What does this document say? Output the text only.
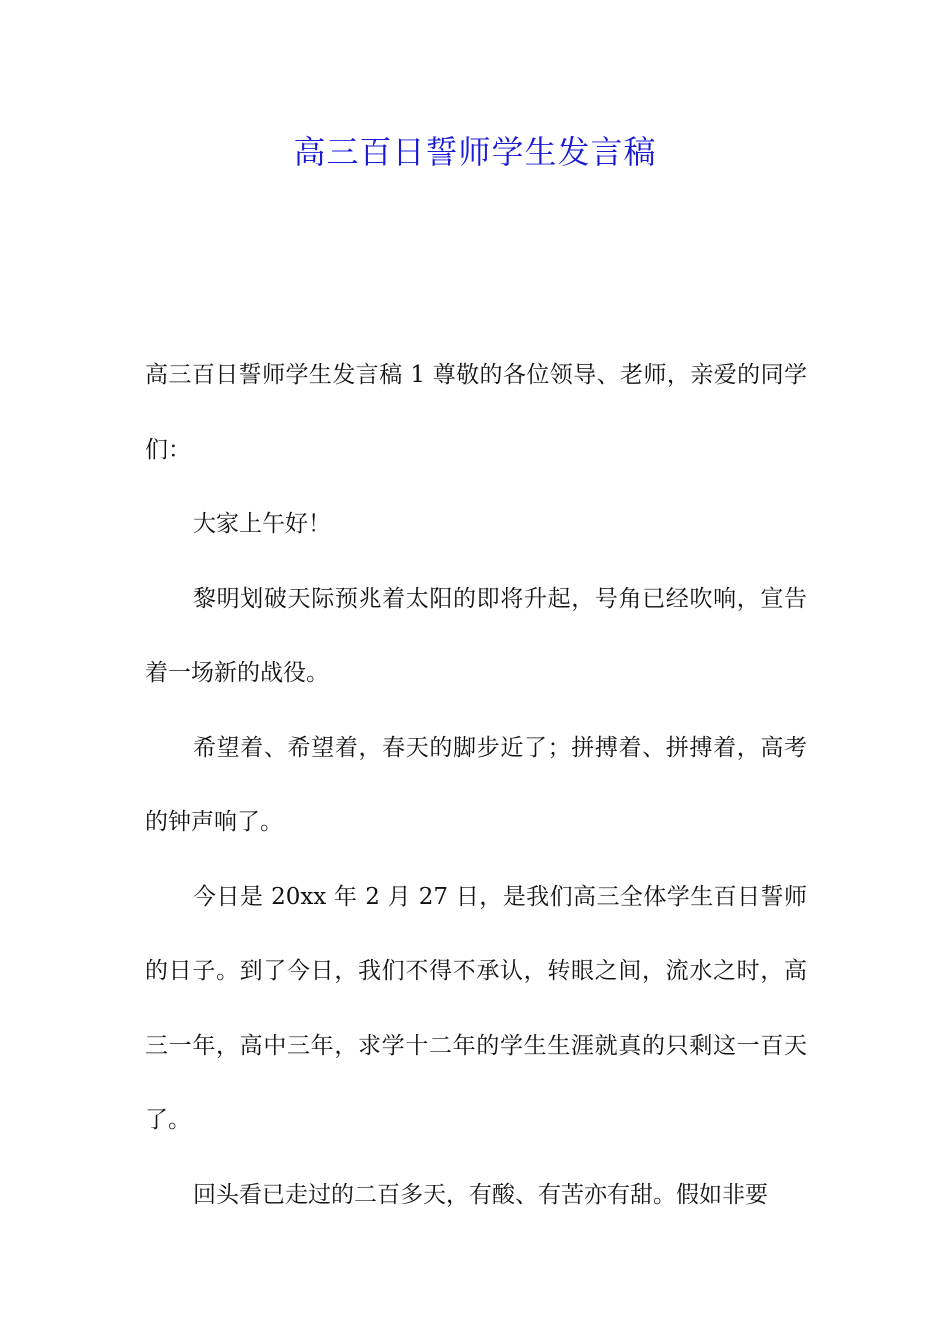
高三百日誓师学生发言稿

高三百日誓师学生发言稿 1 尊敬的各位领导、老师，亲爱的同学们：

大家上午好！

黎明划破天际预兆着太阳的即将升起，号角已经吹响，宣告着一场新的战役。

希望着、希望着，春天的脚步近了；拼搏着、拼搏着，高考的钟声响了。

今日是 20xx 年 2 月 27 日，是我们高三全体学生百日誓师的日子。到了今日，我们不得不承认，转眼之间，流水之时，高三一年，高中三年，求学十二年的学生生涯就真的只剩这一百天了。

回头看已走过的二百多天，有酸、有苦亦有甜。假如非要
